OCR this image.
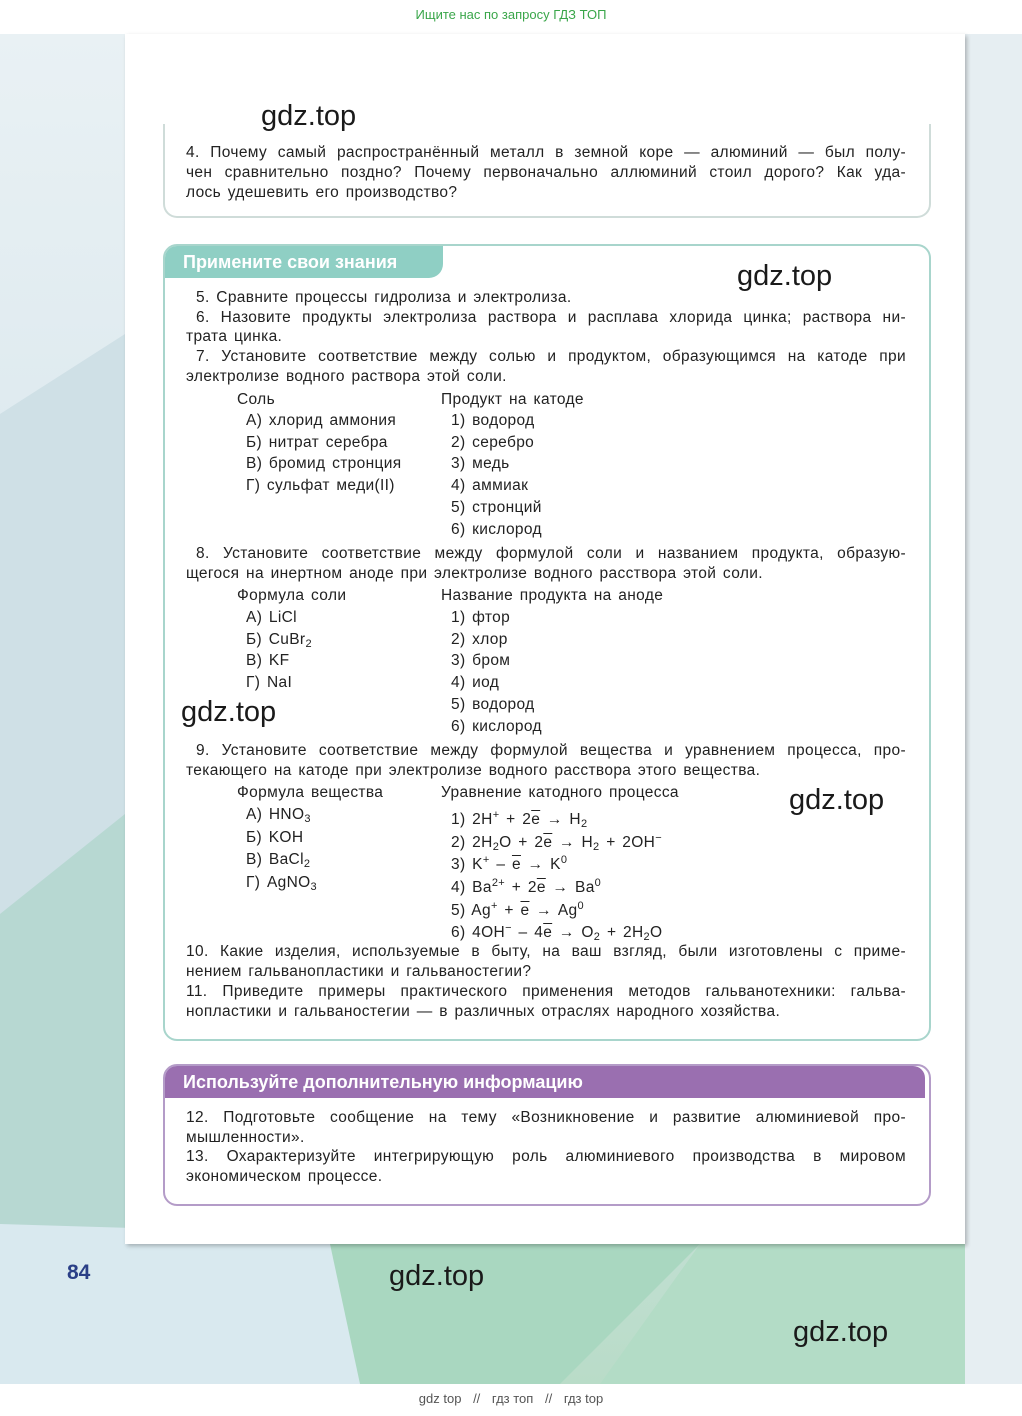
Ищите нас по запросу ГДЗ ТОП
4. Почему самый распространённый металл в земной коре — алюминий — был полу-
чен сравнительно поздно? Почему первоначально аллюминий стоил дорого? Как уда-
лось удешевить его производство?
Примените свои знания
5. Сравните процессы гидролиза и электролиза.
6. Назовите продукты электролиза раствора и расплава хлорида цинка; раствора ни-
трата цинка.
7. Установите соответствие между солью и продуктом, образующимся на катоде при
электролизе водного раствора этой соли.
Соль
А) хлорид аммония
Б) нитрат серебра
В) бромид стронция
Г) сульфат меди(II)
Продукт на катоде
1) водород
2) серебро
3) медь
4) аммиак
5) стронций
6) кислород
8. Установите соответствие между формулой соли и названием продукта, образую-
щегося на инертном аноде при электролизе водного расствора этой соли.
Формула соли
А) LiCl
Б) CuBr$_2$
В) KF
Г) NaI
Название продукта на аноде
1) фтор
2) хлор
3) бром
4) иод
5) водород
6) кислород
9. Установите соответствие между формулой вещества и уравнением процесса, про-
текающего на катоде при электролизе водного расствора этого вещества.
Формула вещества
А) $HNO_3$
Б) KOH
В) BaCl$_2$
Г) AgNO$_3$
Уравнение катодного процесса
1) $2H^+ + 2\overline{e} \to H_2$
2) $2H_2O + 2\overline{e} \to H_2 + 2OH^-$
3) $K^+ - \overline{e} \to K^0$
4) $Ba^{2+} + 2\overline{e} \to Ba^0$
5) $Ag^+ + \overline{e} \to Ag^0$
6) $4OH^- - 4\overline{e} \to O_2 + 2H_2O$
10. Какие изделия, используемые в быту, на ваш взгляд, были изготовлены с приме-
нением гальванопластики и гальваностегии?
11. Приведите примеры практического применения методов гальванотехники: гальва-
нопластики и гальваностегии — в различных отраслях народного хозяйства.
Используйте дополнительную информацию
12. Подготовьте сообщение на тему «Возникновение и развитие алюминиевой про-
мышленности».
13. Охарактеризуйте интегрирующую роль алюминиевого производства в мировом
экономическом процессе.
84
gdz.top
gdz.top
gdz.top
gdz.top
gdz.top
gdz.top
gdz top // гдз топ // гдз top
